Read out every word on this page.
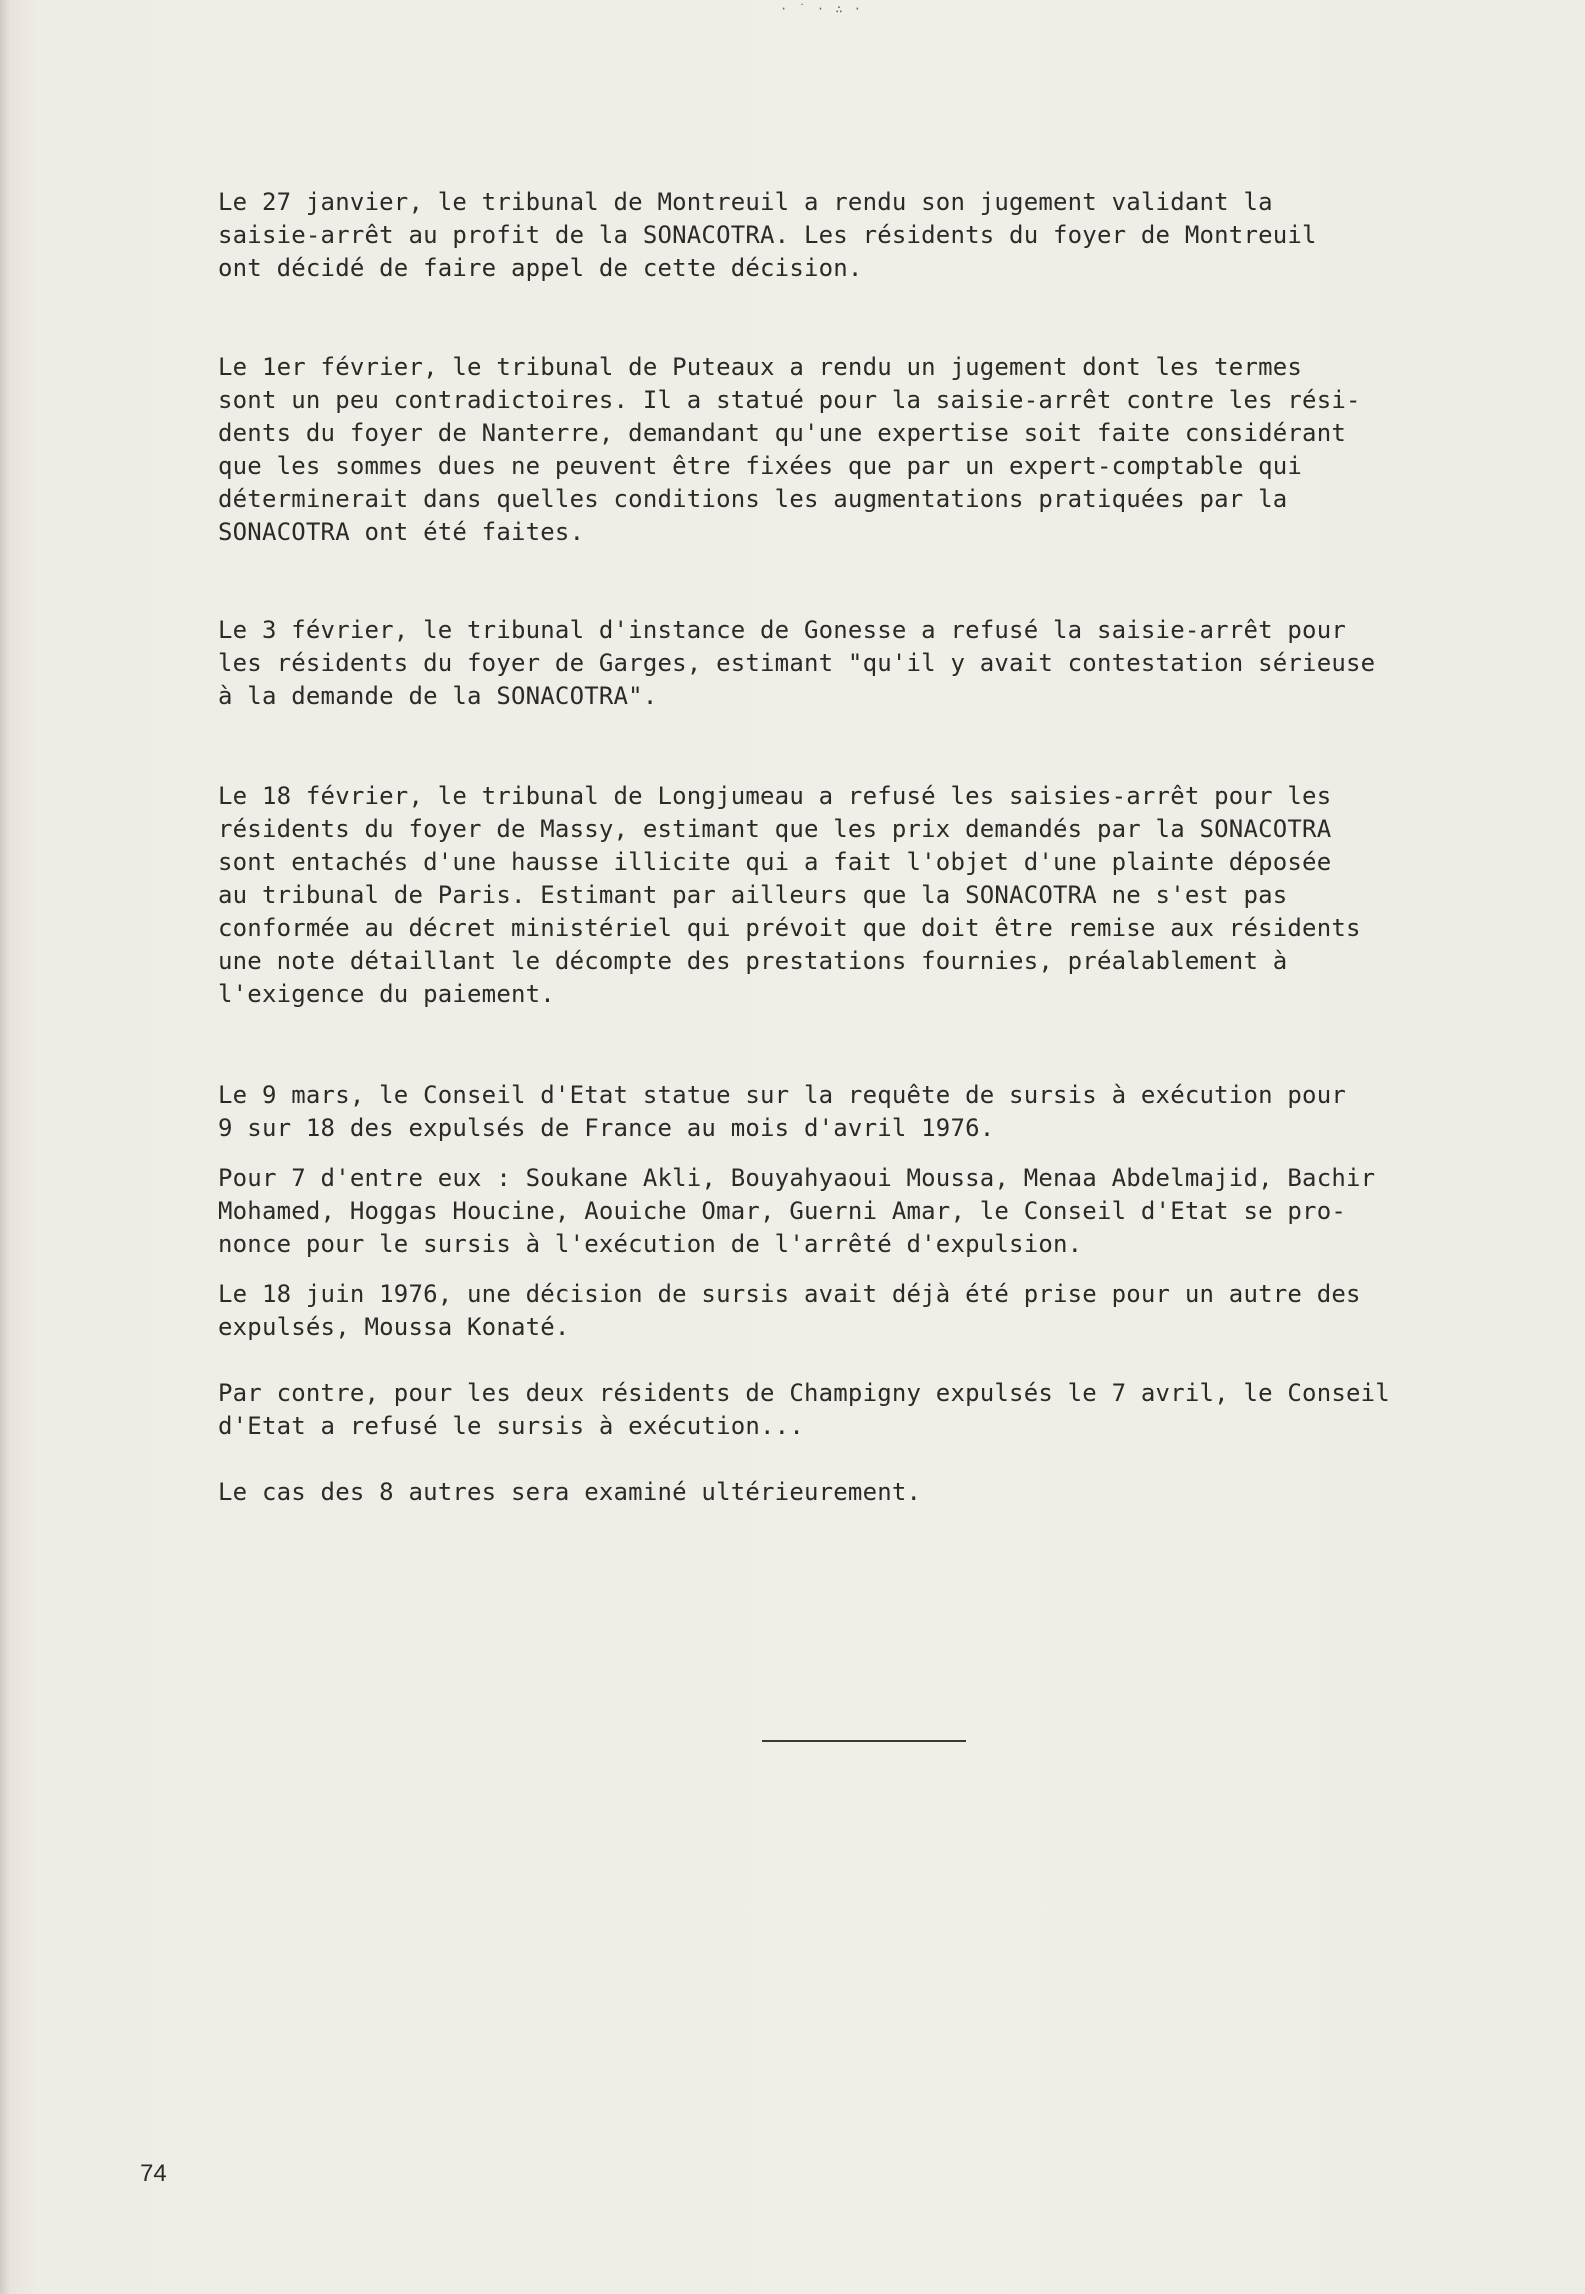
· ˙ · ∴ ·
Le 27 janvier, le tribunal de Montreuil a rendu son jugement validant la
saisie-arrêt au profit de la SONACOTRA. Les résidents du foyer de Montreuil
ont décidé de faire appel de cette décision.
Le 1er février, le tribunal de Puteaux a rendu un jugement dont les termes
sont un peu contradictoires. Il a statué pour la saisie-arrêt contre les rési-
dents du foyer de Nanterre, demandant qu'une expertise soit faite considérant
que les sommes dues ne peuvent être fixées que par un expert-comptable qui
déterminerait dans quelles conditions les augmentations pratiquées par la
SONACOTRA ont été faites.
Le 3 février, le tribunal d'instance de Gonesse a refusé la saisie-arrêt pour
les résidents du foyer de Garges, estimant "qu'il y avait contestation sérieuse
à la demande de la SONACOTRA".
Le 18 février, le tribunal de Longjumeau a refusé les saisies-arrêt pour les
résidents du foyer de Massy, estimant que les prix demandés par la SONACOTRA
sont entachés d'une hausse illicite qui a fait l'objet d'une plainte déposée
au tribunal de Paris. Estimant par ailleurs que la SONACOTRA ne s'est pas
conformée au décret ministériel qui prévoit que doit être remise aux résidents
une note détaillant le décompte des prestations fournies, préalablement à
l'exigence du paiement.
Le 9 mars, le Conseil d'Etat statue sur la requête de sursis à exécution pour
9 sur 18 des expulsés de France au mois d'avril 1976.
Pour 7 d'entre eux : Soukane Akli, Bouyahyaoui Moussa, Menaa Abdelmajid, Bachir
Mohamed, Hoggas Houcine, Aouiche Omar, Guerni Amar, le Conseil d'Etat se pro-
nonce pour le sursis à l'exécution de l'arrêté d'expulsion.
Le 18 juin 1976, une décision de sursis avait déjà été prise pour un autre des
expulsés, Moussa Konaté.
Par contre, pour les deux résidents de Champigny expulsés le 7 avril, le Conseil
d'Etat a refusé le sursis à exécution...
Le cas des 8 autres sera examiné ultérieurement.
74
